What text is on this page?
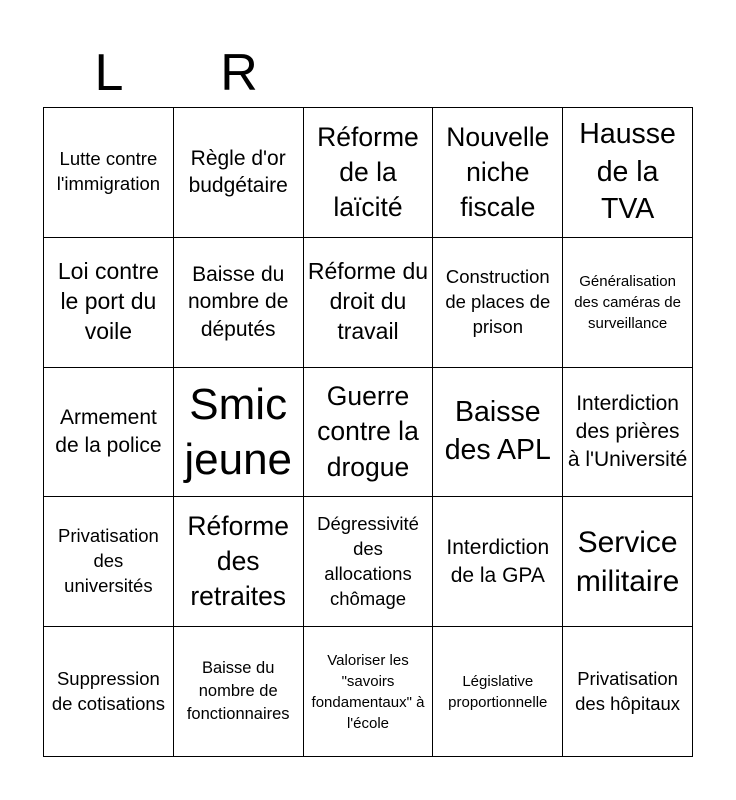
L	R
Lutte contre l'immigration
Règle d'or budgétaire
Réforme de la laïcité
Nouvelle niche fiscale
Hausse de la TVA
Loi contre le port du voile
Baisse du nombre de députés
Réforme du droit du travail
Construction de places de prison
Généralisation des caméras de surveillance
Armement de la police
Smic jeune
Guerre contre la drogue
Baisse des APL
Interdiction des prières à l'Université
Privatisation des universités
Réforme des retraites
Dégressivité des allocations chômage
Interdiction de la GPA
Service militaire
Suppression de cotisations
Baisse du nombre de fonctionnaires
Valoriser les "savoirs fondamentaux" à l'école
Législative proportionnelle
Privatisation des hôpitaux
